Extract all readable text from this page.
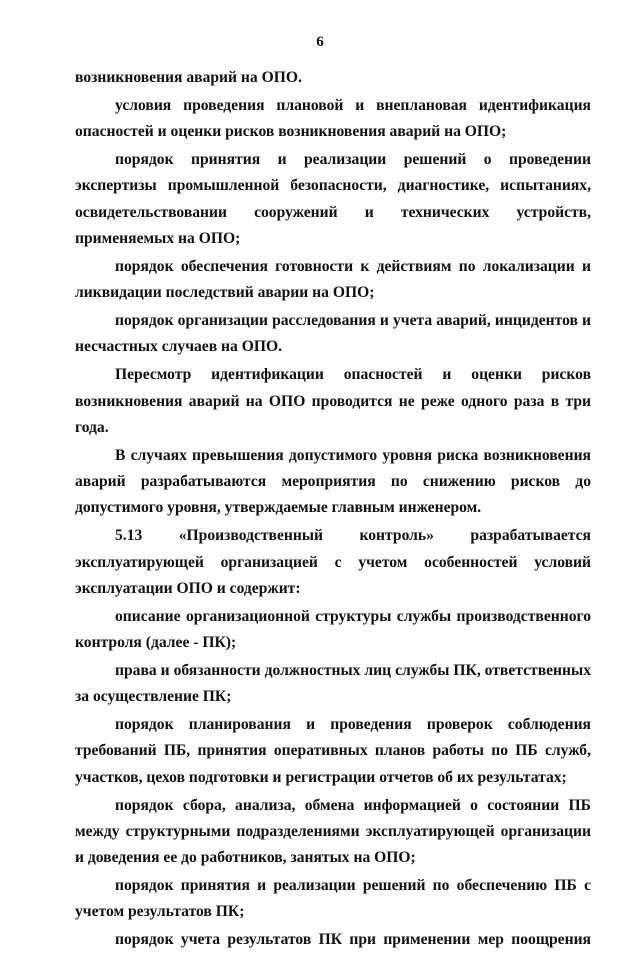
6

возникновения аварий на ОПО.

условия проведения плановой и внеплановая идентификация опасностей и оценки рисков возникновения аварий на ОПО;

порядок принятия и реализации решений о проведении экспертизы промышленной безопасности, диагностике, испытаниях, освидетельствовании сооружений и технических устройств, применяемых на ОПО;

порядок обеспечения готовности к действиям по локализации и ликвидации последствий аварии на ОПО;

порядок организации расследования и учета аварий, инцидентов и несчастных случаев на ОПО.

Пересмотр идентификации опасностей и оценки рисков возникновения аварий на ОПО проводится не реже одного раза в три года.

В случаях превышения допустимого уровня риска возникновения аварий разрабатываются мероприятия по снижению рисков до допустимого уровня, утверждаемые главным инженером.

5.13 «Производственный контроль» разрабатывается эксплуатирующей организацией с учетом особенностей условий эксплуатации ОПО и содержит:

описание организационной структуры службы производственного контроля (далее - ПК);

права и обязанности должностных лиц службы ПК, ответственных за осуществление ПК;

порядок планирования и проведения проверок соблюдения требований ПБ, принятия оперативных планов работы по ПБ служб, участков, цехов подготовки и регистрации отчетов об их результатах;

порядок сбора, анализа, обмена информацией о состоянии ПБ между структурными подразделениями эксплуатирующей организации и доведения ее до работников, занятых на ОПО;

порядок принятия и реализации решений по обеспечению ПБ с учетом результатов ПК;

порядок учета результатов ПК при применении мер поощрения
